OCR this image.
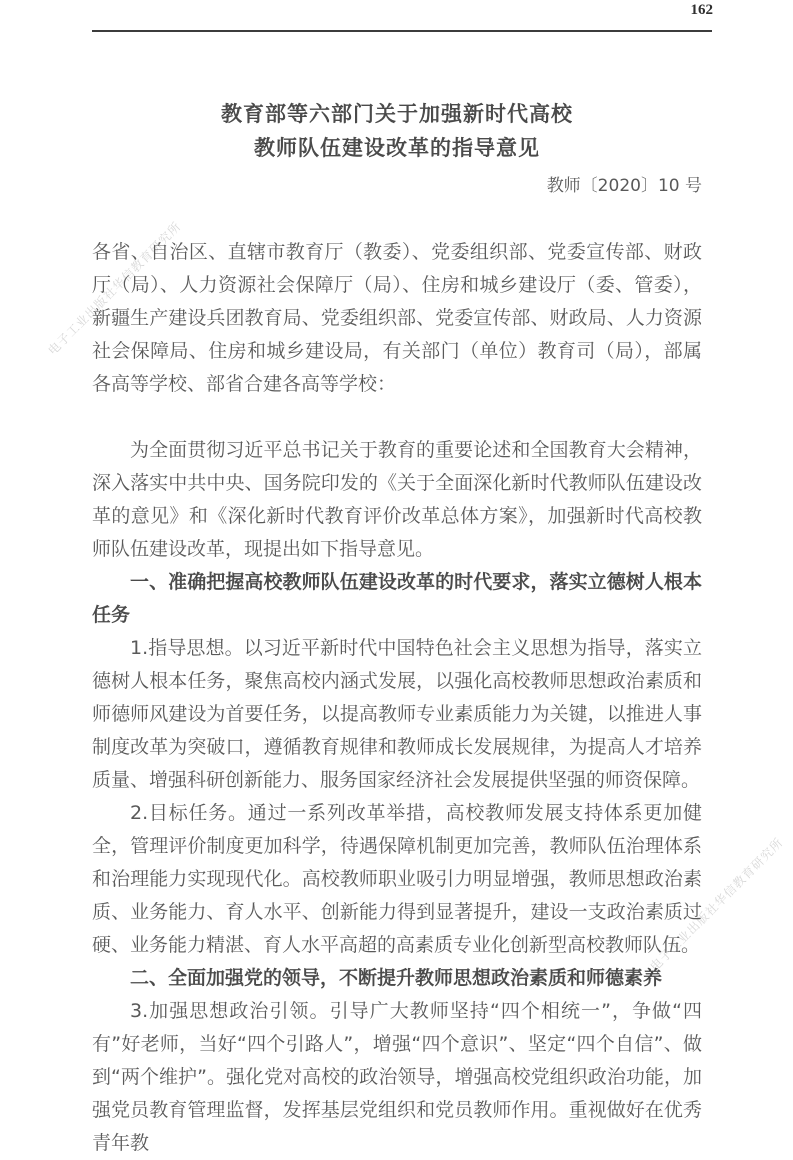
电子工业出版社华信教育研究所
电子工业出版社华信教育研究所
162
教育部等六部门关于加强新时代高校
教师队伍建设改革的指导意见
教师〔2020〕10 号

各省、自治区、直辖市教育厅（教委）、党委组织部、党委宣传部、财政厅（局）、人力资源社会保障厅（局）、住房和城乡建设厅（委、管委），新疆生产建设兵团教育局、党委组织部、党委宣传部、财政局、人力资源社会保障局、住房和城乡建设局，有关部门（单位）教育司（局），部属各高等学校、部省合建各高等学校：

为全面贯彻习近平总书记关于教育的重要论述和全国教育大会精神，深入落实中共中央、国务院印发的《关于全面深化新时代教师队伍建设改革的意见》和《深化新时代教育评价改革总体方案》，加强新时代高校教师队伍建设改革，现提出如下指导意见。

一、准确把握高校教师队伍建设改革的时代要求，落实立德树人根本任务

1.指导思想。以习近平新时代中国特色社会主义思想为指导，落实立德树人根本任务，聚焦高校内涵式发展，以强化高校教师思想政治素质和师德师风建设为首要任务，以提高教师专业素质能力为关键，以推进人事制度改革为突破口，遵循教育规律和教师成长发展规律，为提高人才培养质量、增强科研创新能力、服务国家经济社会发展提供坚强的师资保障。

2.目标任务。通过一系列改革举措，高校教师发展支持体系更加健全，管理评价制度更加科学，待遇保障机制更加完善，教师队伍治理体系和治理能力实现现代化。高校教师职业吸引力明显增强，教师思想政治素质、业务能力、育人水平、创新能力得到显著提升，建设一支政治素质过硬、业务能力精湛、育人水平高超的高素质专业化创新型高校教师队伍。

二、全面加强党的领导，不断提升教师思想政治素质和师德素养

3.加强思想政治引领。引导广大教师坚持“四个相统一”，争做“四有”好老师，当好“四个引路人”，增强“四个意识”、坚定“四个自信”、做到“两个维护”。强化党对高校的政治领导，增强高校党组织政治功能，加强党员教育管理监督，发挥基层党组织和党员教师作用。重视做好在优秀青年教
